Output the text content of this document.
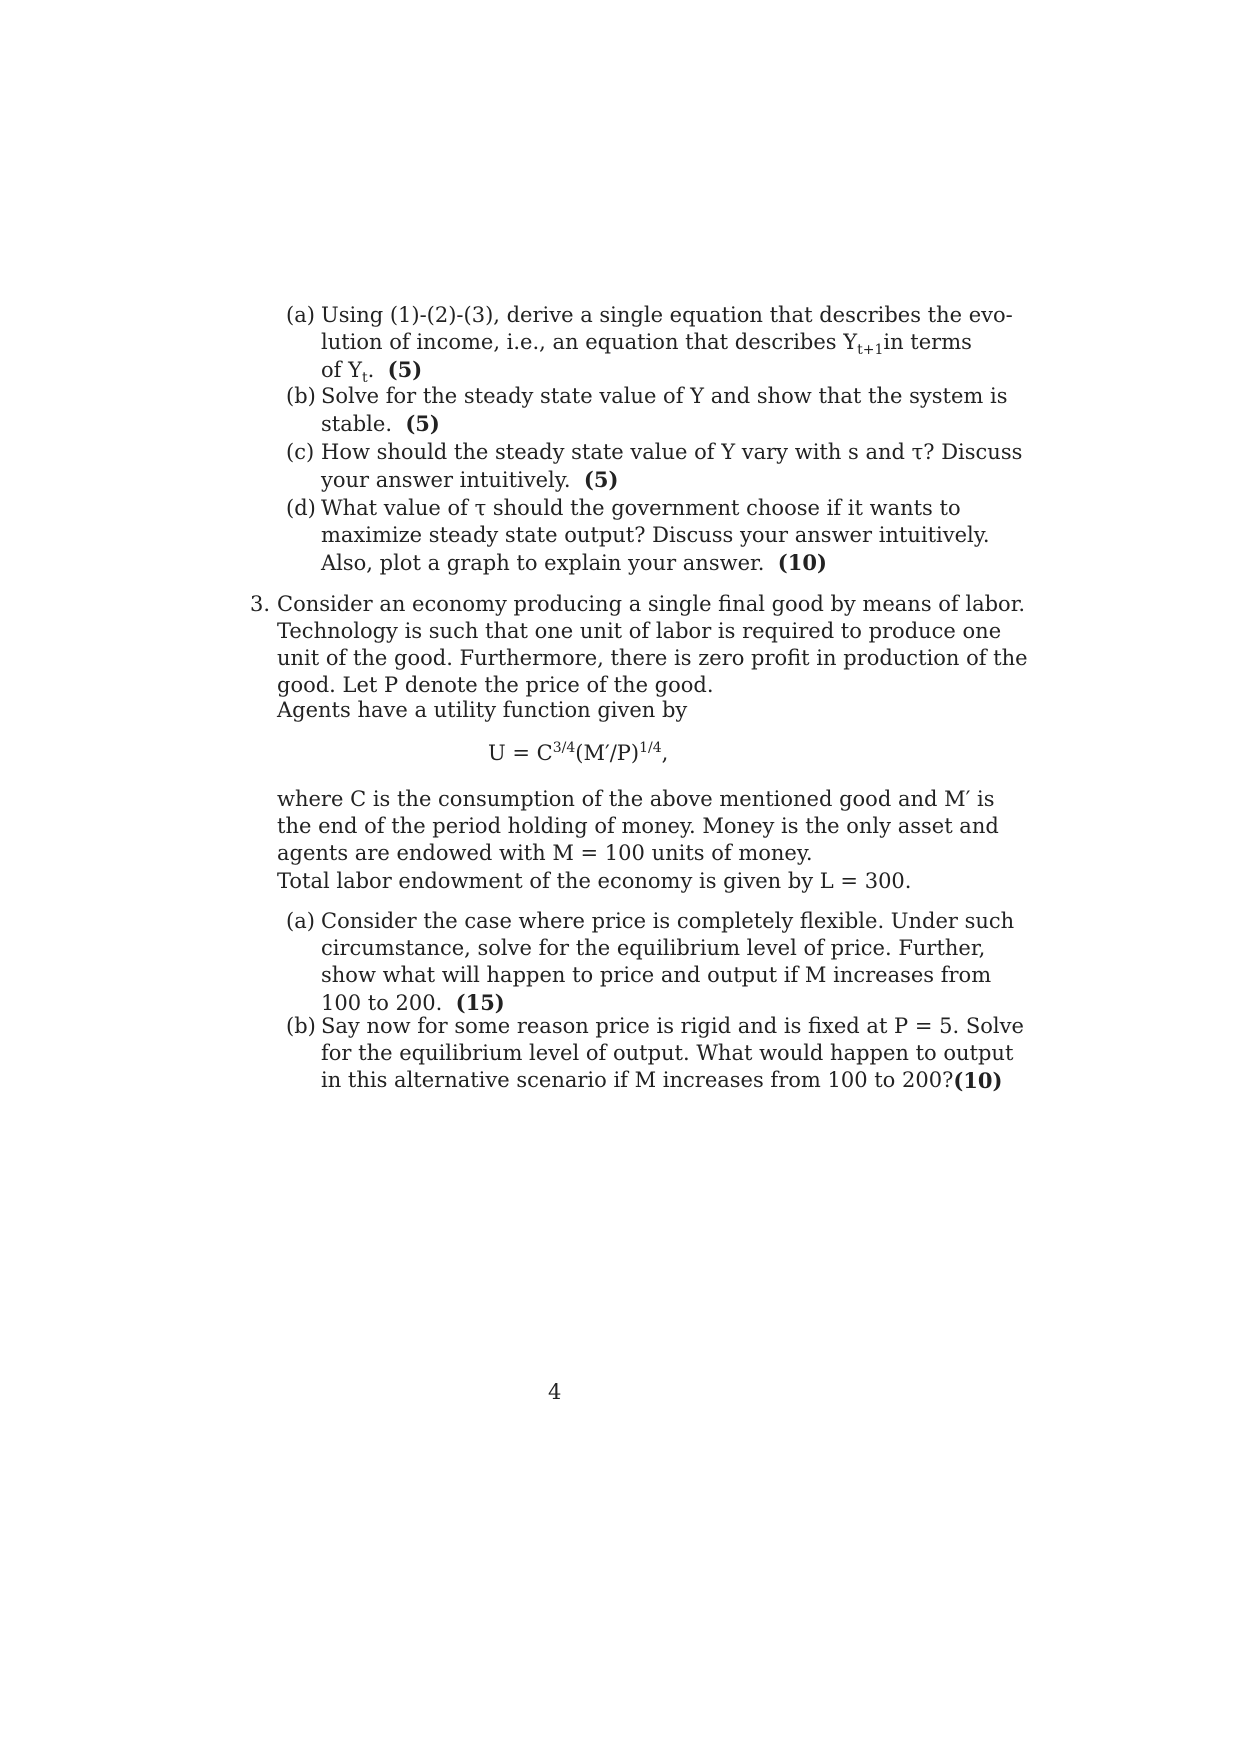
(a) Using (1)-(2)-(3), derive a single equation that describes the evo-
lution of income, i.e., an equation that describes $Y_{t+1}$ in terms
of $Y_t$. (5)
(b) Solve for the steady state value of Y and show that the system is
stable. (5)
(c) How should the steady state value of Y vary with s and τ? Discuss
your answer intuitively. (5)
(d) What value of τ should the government choose if it wants to
maximize steady state output? Discuss your answer intuitively.
Also, plot a graph to explain your answer. (10)
3. Consider an economy producing a single final good by means of labor.
Technology is such that one unit of labor is required to produce one
unit of the good. Furthermore, there is zero profit in production of the
good. Let P denote the price of the good.
Agents have a utility function given by
$U = C^{3/4}(M'/P)^{1/4}$,
where C is the consumption of the above mentioned good and M′ is
the end of the period holding of money. Money is the only asset and
agents are endowed with M = 100 units of money.
Total labor endowment of the economy is given by L = 300.
(a) Consider the case where price is completely flexible. Under such
circumstance, solve for the equilibrium level of price. Further,
show what will happen to price and output if M increases from
100 to 200. (15)
(b) Say now for some reason price is rigid and is fixed at P = 5. Solve
for the equilibrium level of output. What would happen to output
in this alternative scenario if M increases from 100 to 200? (10)
4
